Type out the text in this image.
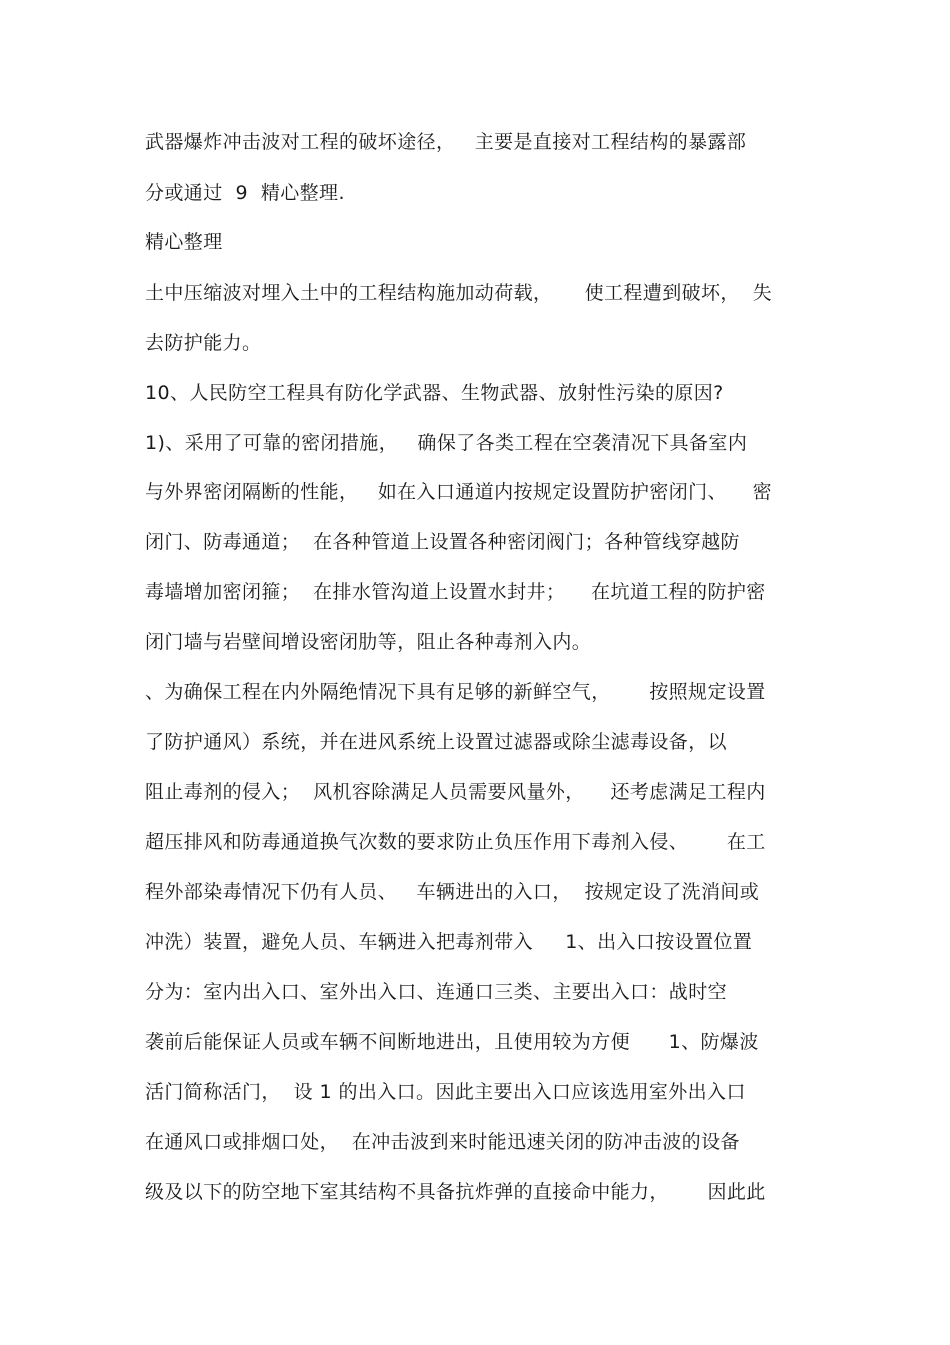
武器爆炸冲击波对工程的破坏途径，   主要是直接对工程结构的暴露部
分或通过  9  精心整理.
精心整理
土中压缩波对埋入土中的工程结构施加动荷载，     使工程遭到破坏，  失
去防护能力。
10、人民防空工程具有防化学武器、生物武器、放射性污染的原因?
1)、采用了可靠的密闭措施，   确保了各类工程在空袭清况下具备室内
与外界密闭隔断的性能，   如在入口通道内按规定设置防护密闭门、    密
闭门、防毒通道；  在各种管道上设置各种密闭阀门；各种管线穿越防
毒墙增加密闭箍；  在排水管沟道上设置水封井；    在坑道工程的防护密
闭门墙与岩壁间增设密闭肋等，阻止各种毒剂入内。
、为确保工程在内外隔绝情况下具有足够的新鲜空气，      按照规定设置
了防护通风）系统，并在进风系统上设置过滤器或除尘滤毒设备，以
阻止毒剂的侵入；  风机容除满足人员需要风量外，    还考虑满足工程内
超压排风和防毒通道换气次数的要求防止负压作用下毒剂入侵、      在工
程外部染毒情况下仍有人员、   车辆进出的入口，  按规定设了洗消间或
冲洗）装置，避免人员、车辆进入把毒剂带入     1、出入口按设置位置
分为：室内出入口、室外出入口、连通口三类、主要出入口：战时空
袭前后能保证人员或车辆不间断地进出，且使用较为方便      1、防爆波
活门简称活门，  设 1 的出入口。因此主要出入口应该选用室外出入口
在通风口或排烟口处，  在冲击波到来时能迅速关闭的防冲击波的设备
级及以下的防空地下室其结构不具备抗炸弹的直接命中能力，      因此此
